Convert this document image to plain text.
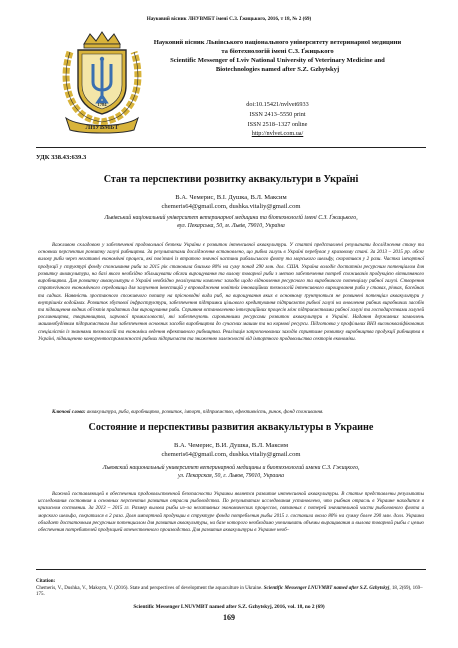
Науковий вісник ЛНУВМБТ імені С.З. Ґжицького, 2016, т 18, № 2 (69)
1784
ЛНУВМБТ
Науковий вісник Львівського національного університету ветеринарної медицини
та біотехнологій імені С.З. Ґжицького
Scientific Messenger of Lviv National University of Veterinary Medicine and
Biotechnologies named after S.Z. Gzhytskyj
doi:10.15421/nvlvet6933
ISSN 2413–5550 print
ISSN 2518–1327 online
http://nvlvet.com.ua/
УДК 338.43:639.3
Стан та перспективи розвитку аквакультури в Україні
В.А. Чемерис, В.І. Душка, В.Л. Максим
chemeris64@gmail.com, dushka.vitaliy@gmail.com
Львівський національний університет ветеринарної медицини та біотехнологій імені С.З. Ґжицького,
вул. Пекарська, 50, м. Львів, 79010, Україна

Важливою складовою у забезпеченні продовольчої безпеки України є розвиток інтенсивної аквакультури. У статті представлені результати дослідження стану та основних перспектив розвитку галузі рибництва. За результатами дослідження встановлено, що рибна галузь в Україні перебуває у кризовому стані. За 2013 – 2015 рр. обсяг вилову риби через негативні економічні процеси, які пов'язані із втратою значної частини рибальського флоту та морського шельфу, скоротився у 2 рази. Частка імпортної продукції у структурі фонду споживання риби за 2015 рік становила близько 80% на суму понад 290 млн. дол. США. Україна володіє достатнім ресурсним потенціалом для розвитку аквакультури, на базі якого необхідно збільшувати обсяги вирощування та вилову товарної риби з метою забезпечення потреб споживачів продукцією вітчизняного виробництва. Для розвитку аквакультури в Україні необхідно реалізувати комплекс заходів щодо відновлення ресурсного та виробничого потенціалу рибної галузі. Створення стратегічного економічного середовища для залучення інвестицій у впровадження новітніх інноваційних технологій інтенсивного вирощування риби у ставах, річках, басейнах та садках. Наявність зростаючого споживчого попиту на прісноводні види риб, на вирощування яких в основному ґрунтуються не розвинені потенціал аквакультури у внутрішніх водоймах. Розвиток збутової інфраструктури, забезпечення підтримки цільового кредитування підприємств рибної галузі на оновлення рибних виробничих засобів та підвищення водних об'єктів придатних для вирощування риби. Сприяння встановленню інтеграційних процесів між підприємствами рибної галузі та господарствами галузей рослинництва, тваринництва, харчової промисловості, які забезпечують сировинними ресурсами розвиток аквакультури в Україні. Надання державних замовлень машинобудівним підприємствам для забезпечення основних засобів виробництва до сучасних машин та на кормові ресурси. Підготовка у профільних ВНЗ висококваліфікованих спеціалістів із знаннями технологій та економіки ведення ефективного рибництва. Реалізація запропонованих заходів сприятиме розвитку виробництва продукції рибництва в Україні, підвищенню конкурентоспроможності рибних підприємств та зниженню залежності від імпортного продовольства секторів економіки.

Ключові слова: аквакультура, риба, виробництво, розвиток, імпорт, підприємство, ефективність, ринок, фонд споживання.

Состояние и перспективы развития аквакультуры в Украине
В.А. Чемерис, В.И. Душка, В.Л. Максим
chemeris64@gmail.com, dushka.vitaliy@gmail.com
Львовский национальный университет ветеринарной медицины и биотехнологий имени С.З. Гжицкого,
ул. Пекарская, 50, г. Львов, 79010, Украина

Важной составляющей в обеспечении продовольственной безопасности Украины является развитие интенсивной аквакультуры. В статье представлены результаты исследования состояния и основных перспектив развития отрасли рыбоводства. По результатам исследования установлено, что рыбная отрасль в Украине находится в кризисном состоянии. За 2013 – 2015 гг. Размер вылова рыбы из–за негативных экономических процессов, связанных с потерей значительной части рыболовного флота и морского шельфа, сократился в 2 раза. Доля импортной продукции в структуре фонда потребления рыбы 2015 г. составила около 80% на сумму более 290 млн. долл. Украина обладает достаточным ресурсным потенциалом для развития аквакультуры, на базе которого необходимо увеличивать объемы выращивания и вылова товарной рыбы с целью обеспечения потребителей продукцией отечественного производства. Для развития аквакультуры в Украине необ–

Citation:
Chemeris, V., Dushka, V., Maksym, V. (2016). State and perspectives of development the aquaculture in Ukraine. Scientific Messenger LNUVMBT named after S.Z. Gzhytskyj, 18, 2(69), 169–175.
Scientific Messenger LNUVMBT named after S.Z. Gzhytskyj, 2016, vol. 18, no 2 (69)
169
